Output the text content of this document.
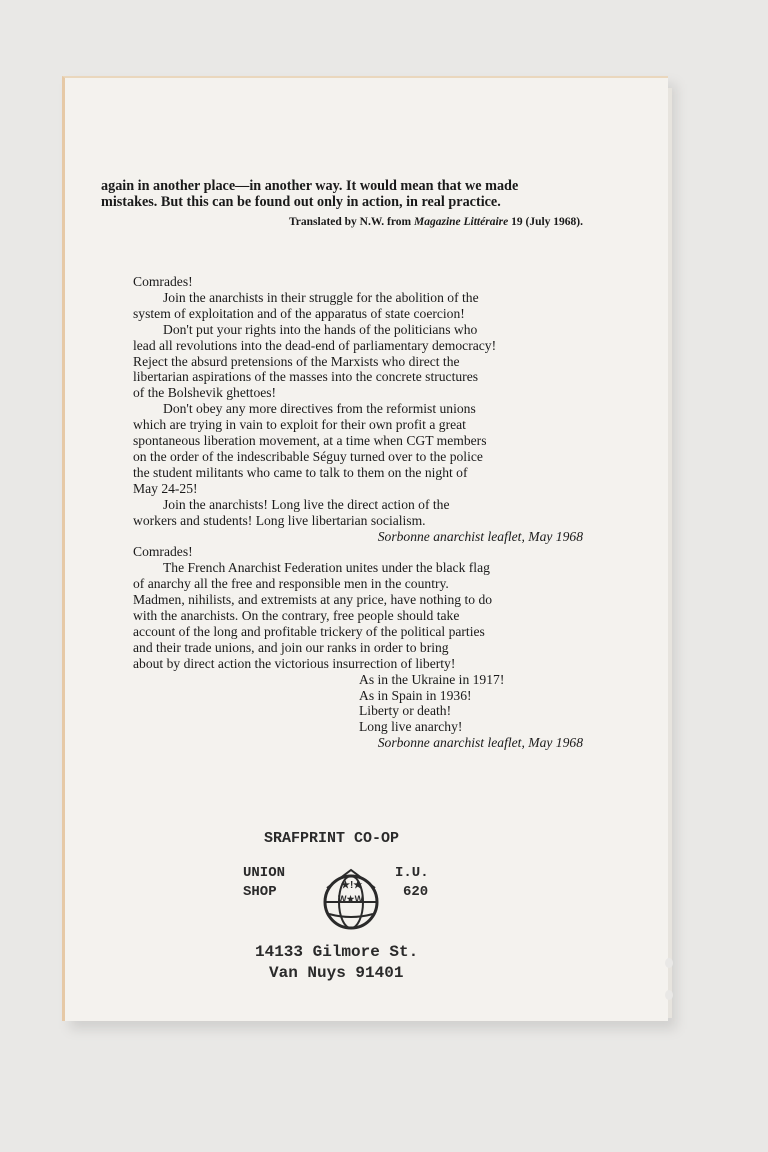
again in another place—in another way. It would mean that we made
mistakes. But this can be found out only in action, in real practice.
Translated by N.W. from Magazine Littéraire 19 (July 1968).
Comrades!
Join the anarchists in their struggle for the abolition of the
system of exploitation and of the apparatus of state coercion!
Don't put your rights into the hands of the politicians who
lead all revolutions into the dead-end of parliamentary democracy!
Reject the absurd pretensions of the Marxists who direct the
libertarian aspirations of the masses into the concrete structures
of the Bolshevik ghettoes!
Don't obey any more directives from the reformist unions
which are trying in vain to exploit for their own profit a great
spontaneous liberation movement, at a time when CGT members
on the order of the indescribable Séguy turned over to the police
the student militants who came to talk to them on the night of
May 24-25!
Join the anarchists! Long live the direct action of the
workers and students! Long live libertarian socialism.
Sorbonne anarchist leaflet, May 1968
Comrades!
The French Anarchist Federation unites under the black flag
of anarchy all the free and responsible men in the country.
Madmen, nihilists, and extremists at any price, have nothing to do
with the anarchists. On the contrary, free people should take
account of the long and profitable trickery of the political parties
and their trade unions, and join our ranks in order to bring
about by direct action the victorious insurrection of liberty!
As in the Ukraine in 1917!
As in Spain in 1936!
Liberty or death!
Long live anarchy!
Sorbonne anarchist leaflet, May 1968
SRAFPRINT CO-OP
UNION
SHOP	★!★
W★W
I.U.
620
14133 Gilmore St.
Van Nuys 91401
